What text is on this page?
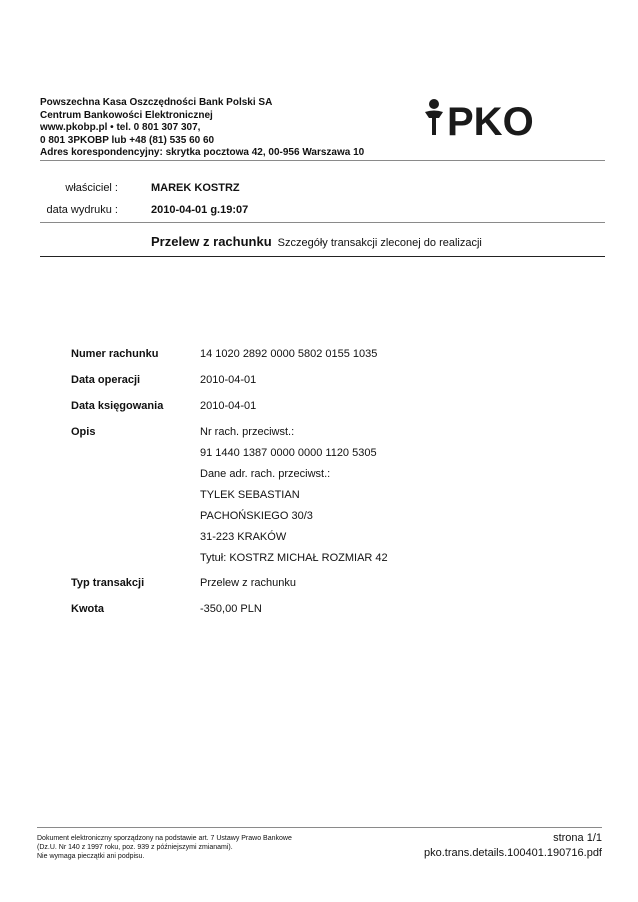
Powszechna Kasa Oszczędności Bank Polski SA
Centrum Bankowości Elektronicznej
www.pkobp.pl • tel. 0 801 307 307,
0 801 3PKOBP lub +48 (81) 535 60 60
Adres korespondencyjny: skrytka pocztowa 42, 00-956 Warszawa 10
PKO
właściciel :	MAREK KOSTRZ
data wydruku :	2010-04-01 g.19:07
Przelew z rachunku Szczegóły transakcji zleconej do realizacji
Numer rachunku	14 1020 2892 0000 5802 0155 1035
Data operacji	2010-04-01
Data księgowania	2010-04-01
Opis	Nr rach. przeciwst.:
91 1440 1387 0000 0000 1120 5305
Dane adr. rach. przeciwst.:
TYLEK SEBASTIAN
PACHOŃSKIEGO 30/3
31-223 KRAKÓW
Tytuł: KOSTRZ MICHAŁ ROZMIAR 42
Typ transakcji	Przelew z rachunku
Kwota	-350,00 PLN
Dokument elektroniczny sporządzony na podstawie art. 7 Ustawy Prawo Bankowe
(Dz.U. Nr 140 z 1997 roku, poz. 939 z późniejszymi zmianami).
Nie wymaga pieczątki ani podpisu.
strona 1/1
pko.trans.details.100401.190716.pdf
